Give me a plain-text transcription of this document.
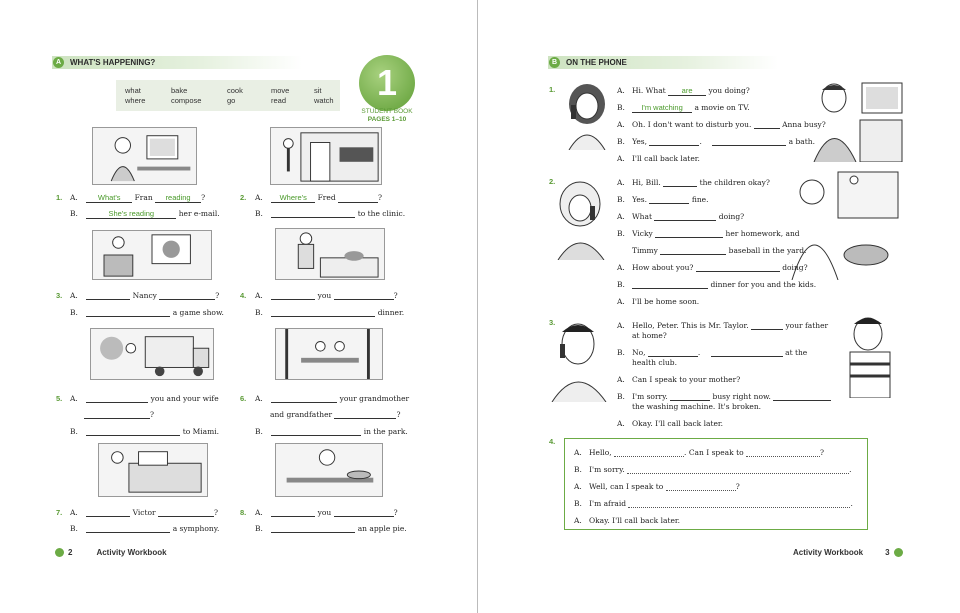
A	WHAT'S HAPPENING?
what	bake	cook	move	sit
where	compose	go	read	watch	1
STUDENT BOOK
PAGES 1–10
1. A.	What's Fran reading ?
B.	She's reading	her e-mail.
2. A. Where's Fred	?
B.	to the clinic.
3. A.	Nancy	?
B.	a game show.
4. A.	you	?
B.	dinner.
5. A.	you and your wife
?
B.	to Miami.
6. A.	your grandmother
and grandfather	?
B.	in the park.
7. A.	Victor	?
B.	a symphony.
8. A.	you	?
B.	an apple pie.
2	Activity Workbook
B	ON THE PHONE
1.	A. Hi. What are you doing?
B. I'm watching a movie on TV.
A. Oh. I don't want to disturb you.	Anna busy?
B. Yes,	.	a bath.
A. I'll call back later.
2.	A. Hi, Bill.	the children okay?
B. Yes.	fine.
A. What	doing?
B. Vicky	her homework, and
Timmy	baseball in the yard.
A. How about you?	doing?
B.	dinner for you and the kids.
A. I'll be home soon.
3.	A. Hello, Peter. This is Mr. Taylor.	your father
at home?
B. No,	.	at the
health club.
A. Can I speak to your mother?
B. I'm sorry.	busy right now.
the washing machine. It's broken.
A. Okay. I'll call back later.
4.
A. Hello,	. Can I speak to	?
B. I'm sorry.	.
A. Well, can I speak to	?
B. I'm afraid	.
A. Okay. I'll call back later.
Activity Workbook	3
